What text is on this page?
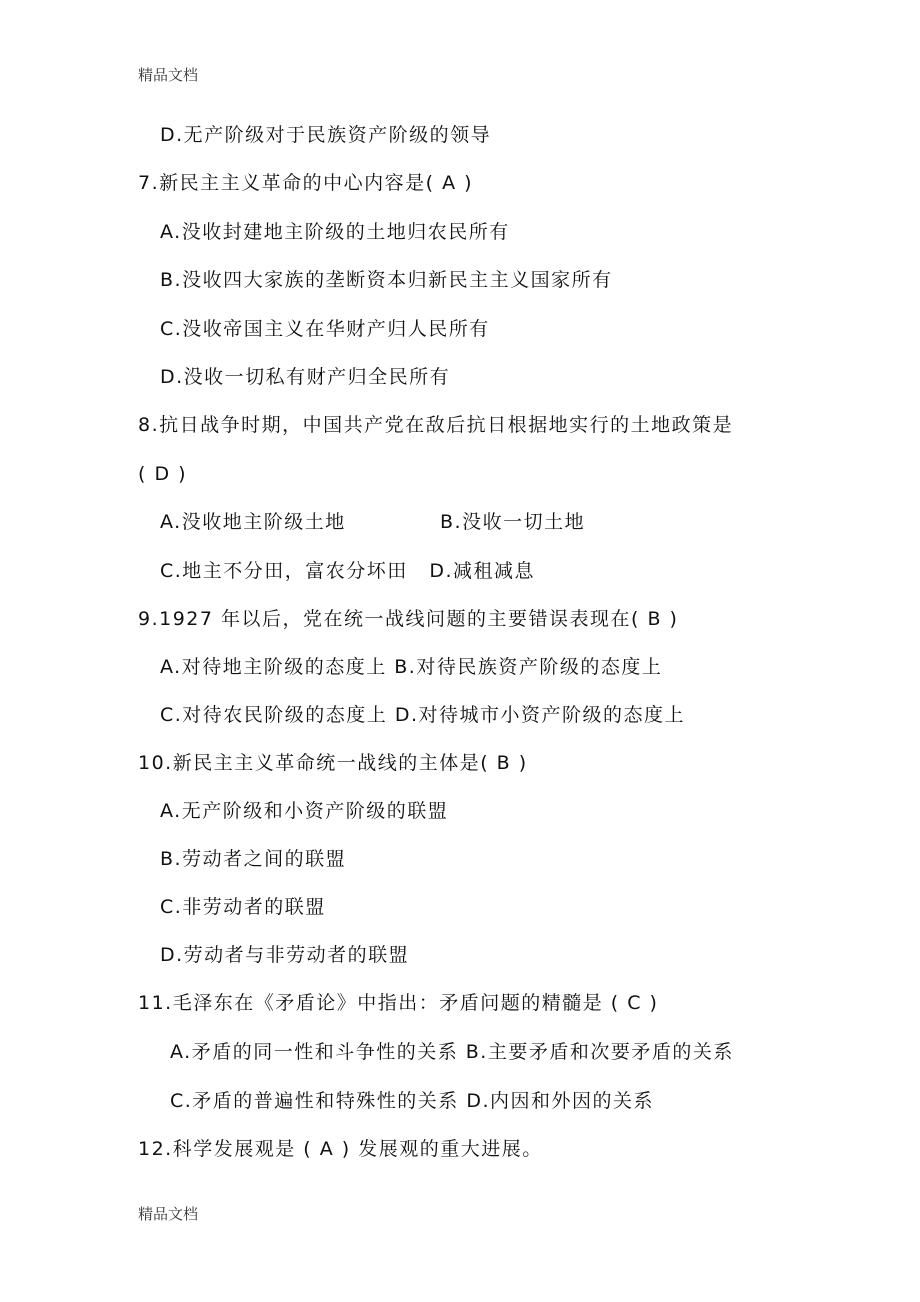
精品文档
D.无产阶级对于民族资产阶级的领导
7.新民主主义革命的中心内容是( A )
A.没收封建地主阶级的土地归农民所有
B.没收四大家族的垄断资本归新民主主义国家所有
C.没收帝国主义在华财产归人民所有
D.没收一切私有财产归全民所有
8.抗日战争时期，中国共产党在敌后抗日根据地实行的土地政策是
( D )
A.没收地主阶级土地	B.没收一切土地
C.地主不分田，富农分坏田 D.减租减息
9.1927 年以后，党在统一战线问题的主要错误表现在( B )
A.对待地主阶级的态度上 B.对待民族资产阶级的态度上
C.对待农民阶级的态度上 D.对待城市小资产阶级的态度上
10.新民主主义革命统一战线的主体是( B )
A.无产阶级和小资产阶级的联盟
B.劳动者之间的联盟
C.非劳动者的联盟
D.劳动者与非劳动者的联盟
11.毛泽东在《矛盾论》中指出：矛盾问题的精髓是 ( C )
A.矛盾的同一性和斗争性的关系 B.主要矛盾和次要矛盾的关系
C.矛盾的普遍性和特殊性的关系 D.内因和外因的关系
12.科学发展观是 ( A ) 发展观的重大进展。
精品文档
